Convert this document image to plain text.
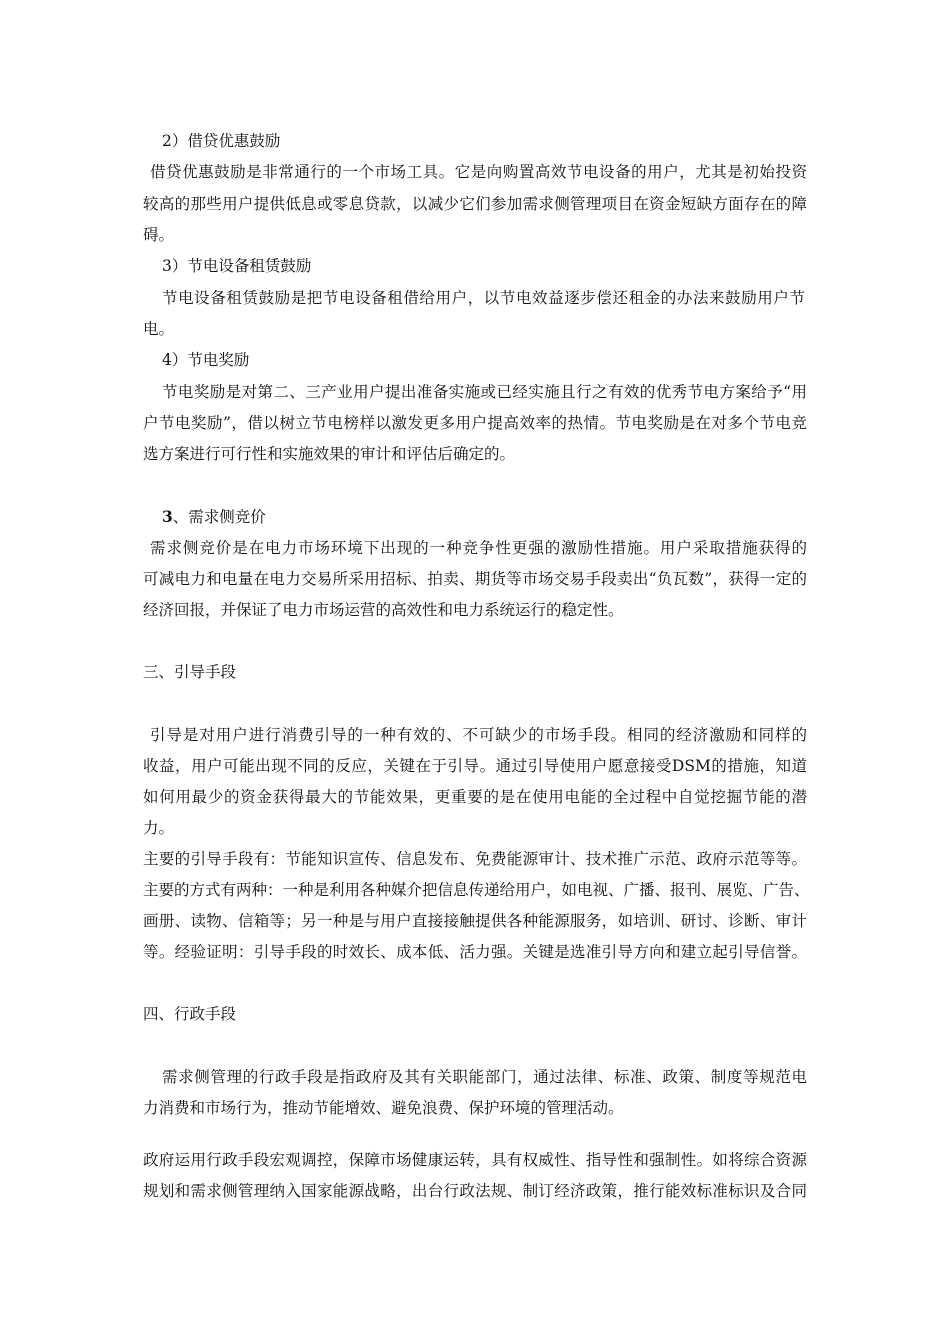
2）借贷优惠鼓励
借贷优惠鼓励是非常通行的一个市场工具。它是向购置高效节电设备的用户，尤其是初始投资
较高的那些用户提供低息或零息贷款，以减少它们参加需求侧管理项目在资金短缺方面存在的障
碍。
3）节电设备租赁鼓励
节电设备租赁鼓励是把节电设备租借给用户，以节电效益逐步偿还租金的办法来鼓励用户节
电。
4）节电奖励
节电奖励是对第二、三产业用户提出准备实施或已经实施且行之有效的优秀节电方案给予“用
户节电奖励”，借以树立节电榜样以激发更多用户提高效率的热情。节电奖励是在对多个节电竞
选方案进行可行性和实施效果的审计和评估后确定的。
3、需求侧竞价
需求侧竞价是在电力市场环境下出现的一种竞争性更强的激励性措施。用户采取措施获得的
可减电力和电量在电力交易所采用招标、拍卖、期货等市场交易手段卖出“负瓦数”，获得一定的
经济回报，并保证了电力市场运营的高效性和电力系统运行的稳定性。
三、引导手段
引导是对用户进行消费引导的一种有效的、不可缺少的市场手段。相同的经济激励和同样的
收益，用户可能出现不同的反应，关键在于引导。通过引导使用户愿意接受DSM的措施，知道
如何用最少的资金获得最大的节能效果，更重要的是在使用电能的全过程中自觉挖掘节能的潜
力。
主要的引导手段有：节能知识宣传、信息发布、免费能源审计、技术推广示范、政府示范等等。
主要的方式有两种：一种是利用各种媒介把信息传递给用户，如电视、广播、报刊、展览、广告、
画册、读物、信箱等；另一种是与用户直接接触提供各种能源服务，如培训、研讨、诊断、审计
等。经验证明：引导手段的时效长、成本低、活力强。关键是选准引导方向和建立起引导信誉。
四、行政手段
需求侧管理的行政手段是指政府及其有关职能部门，通过法律、标准、政策、制度等规范电
力消费和市场行为，推动节能增效、避免浪费、保护环境的管理活动。
政府运用行政手段宏观调控，保障市场健康运转，具有权威性、指导性和强制性。如将综合资源
规划和需求侧管理纳入国家能源战略，出台行政法规、制订经济政策，推行能效标准标识及合同
